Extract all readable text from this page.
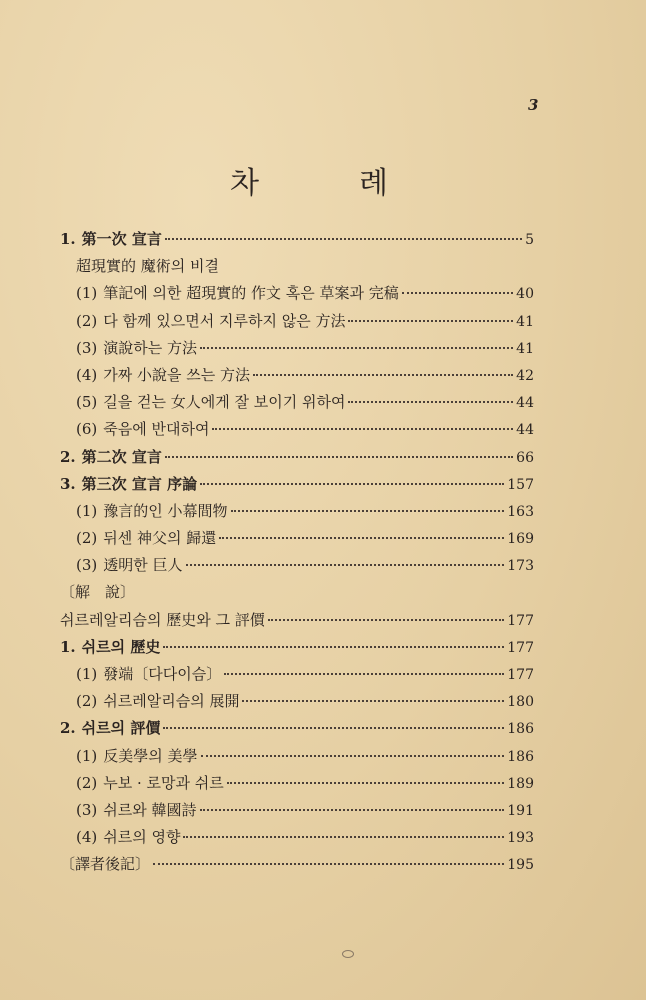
3
차	례
1. 第一次 宣言	5
超現實的 魔術의 비결
(1) 筆記에 의한 超現實的 作文 혹은 草案과 完稿	40
(2) 다 함께 있으면서 지루하지 않은 方法	41
(3) 演說하는 方法	41
(4) 가짜 小說을 쓰는 方法	42
(5) 길을 걷는 女人에게 잘 보이기 위하여	44
(6) 죽음에 반대하여	44
2. 第二次 宣言	66
3. 第三次 宣言 序論	157
(1) 豫言的인 小幕間物	163
(2) 뒤센 神父의 歸還	169
(3) 透明한 巨人	173
〔解　說〕
쉬르레알리슴의 歷史와 그 評價	177
1. 쉬르의 歷史	177
(1) 發端〔다다이슴〕	177
(2) 쉬르레알리슴의 展開	180
2. 쉬르의 評價	186
(1) 反美學의 美學	186
(2) 누보 · 로망과 쉬르	189
(3) 쉬르와 韓國詩	191
(4) 쉬르의 영향	193
〔譯者後記〕	195
